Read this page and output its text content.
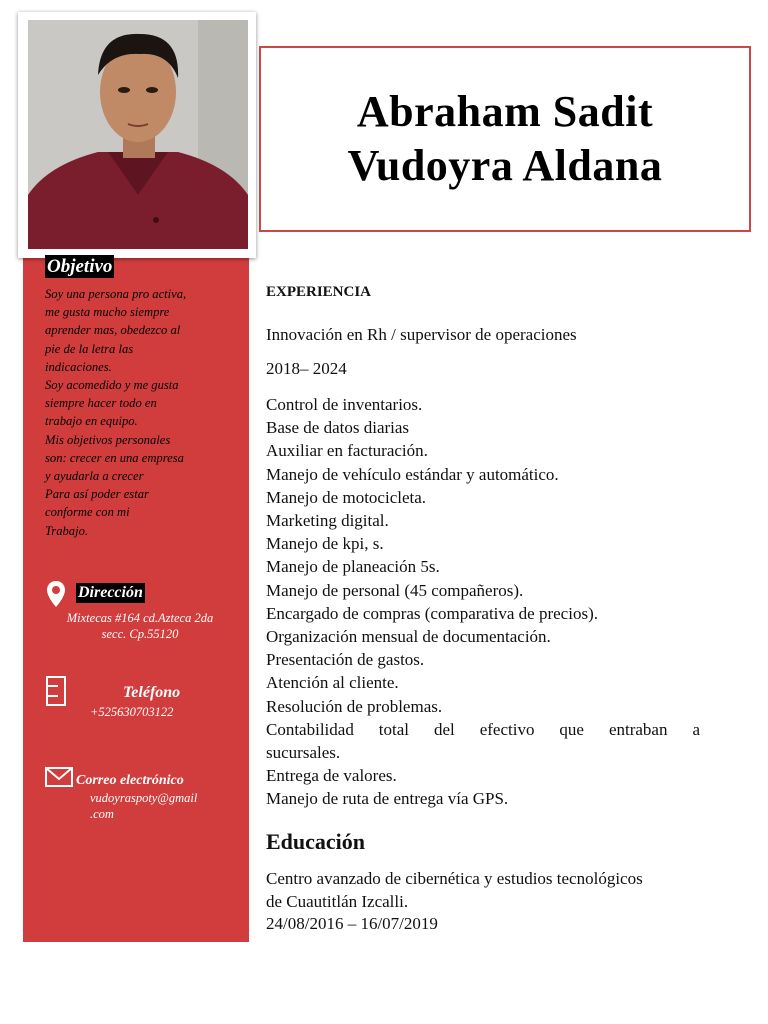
Abraham Sadit
Vudoyra Aldana
Objetivo
Soy una persona pro activa,
me gusta mucho siempre
aprender mas, obedezco al
pie de la letra las
indicaciones.
Soy acomedido y me gusta
siempre hacer todo en
trabajo en equipo.
Mis objetivos personales
son: crecer en una empresa
y ayudarla a crecer
Para así poder estar
conforme con mi
Trabajo.
Dirección
Mixtecas #164 cd.Azteca 2da
secc. Cp.55120
Teléfono
+525630703122
Correo electrónico
vudoyraspoty@gmail
.com
EXPERIENCIA
Innovación en Rh / supervisor de operaciones
2018– 2024
Control de inventarios.
Base de datos diarias
Auxiliar en facturación.
Manejo de vehículo estándar y automático.
Manejo de motocicleta.
Marketing digital.
Manejo de kpi, s.
Manejo de planeación 5s.
Manejo de personal (45 compañeros).
Encargado de compras (comparativa de precios).
Organización mensual de documentación.
Presentación de gastos.
Atención al cliente.
Resolución de problemas.
Contabilidad total del efectivo que entraban a
sucursales.
Entrega de valores.
Manejo de ruta de entrega vía GPS.
Educación
Centro avanzado de cibernética y estudios tecnológicos
de Cuautitlán Izcalli.
24/08/2016 – 16/07/2019
